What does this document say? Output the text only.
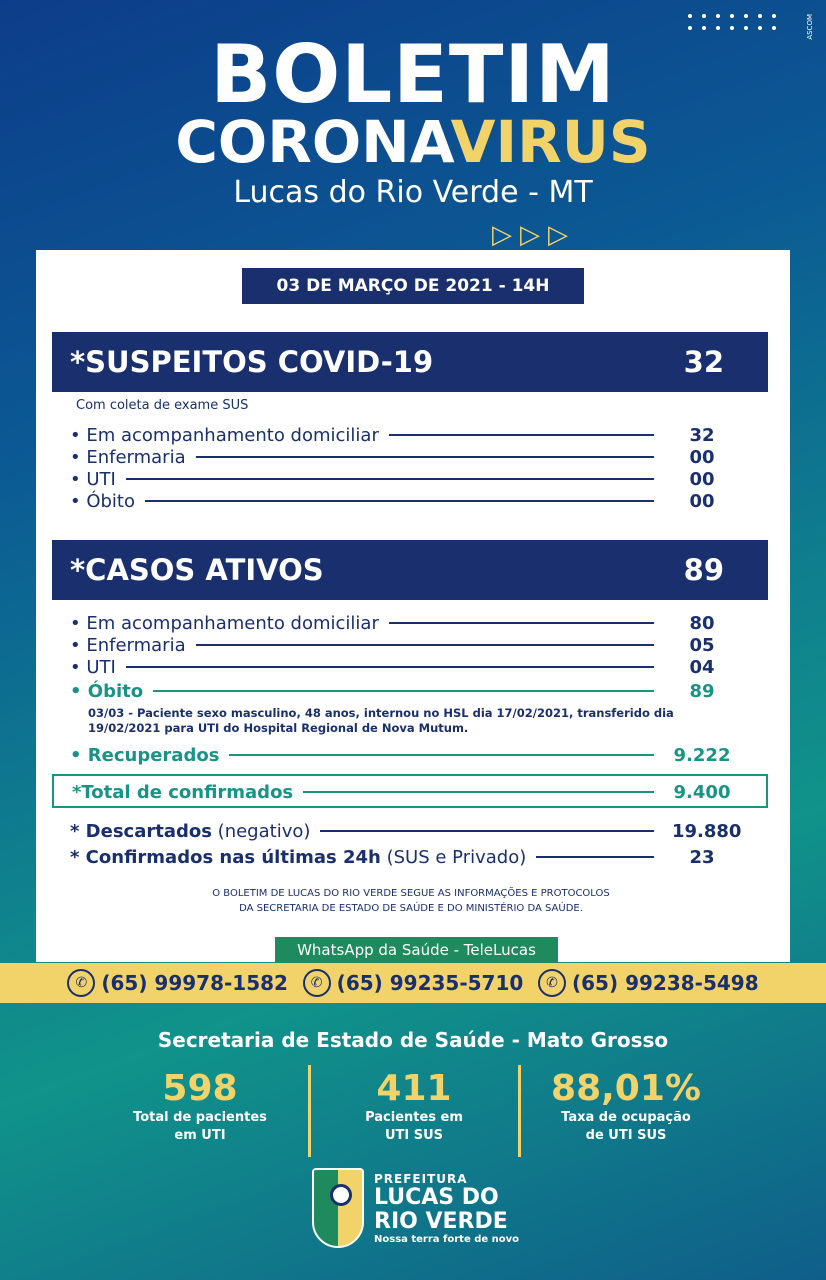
ASCOM
BOLETIM
CORONAVIRUS
Lucas do Rio Verde - MT
▷▷▷
03 DE MARÇO DE 2021 - 14H
*SUSPEITOS COVID-19	32
Com coleta de exame SUS
• Em acompanhamento domiciliar	32
• Enfermaria	00
• UTI	00
• Óbito	00
*CASOS ATIVOS	89
• Em acompanhamento domiciliar	80
• Enfermaria	05
• UTI	04
• Óbito	89
03/03 - Paciente sexo masculino, 48 anos, internou no HSL dia 17/02/2021, transferido dia 19/02/2021 para UTI do Hospital Regional de Nova Mutum.
• Recuperados	9.222
*Total de confirmados	9.400
* Descartados (negativo)	19.880
* Confirmados nas últimas 24h (SUS e Privado)	23
O BOLETIM DE LUCAS DO RIO VERDE SEGUE AS INFORMAÇÕES E PROTOCOLOS
DA SECRETARIA DE ESTADO DE SAÚDE E DO MINISTÉRIO DA SAÚDE.
WhatsApp da Saúde - TeleLucas
✆ (65) 99978-1582	✆ (65) 99235-5710	✆ (65) 99238-5498
Secretaria de Estado de Saúde - Mato Grosso
598
Total de pacientes
em UTI
411
Pacientes em
UTI SUS
88,01%
Taxa de ocupação
de UTI SUS
PREFEITURA
LUCAS DO
RIO VERDE
Nossa terra forte de novo
